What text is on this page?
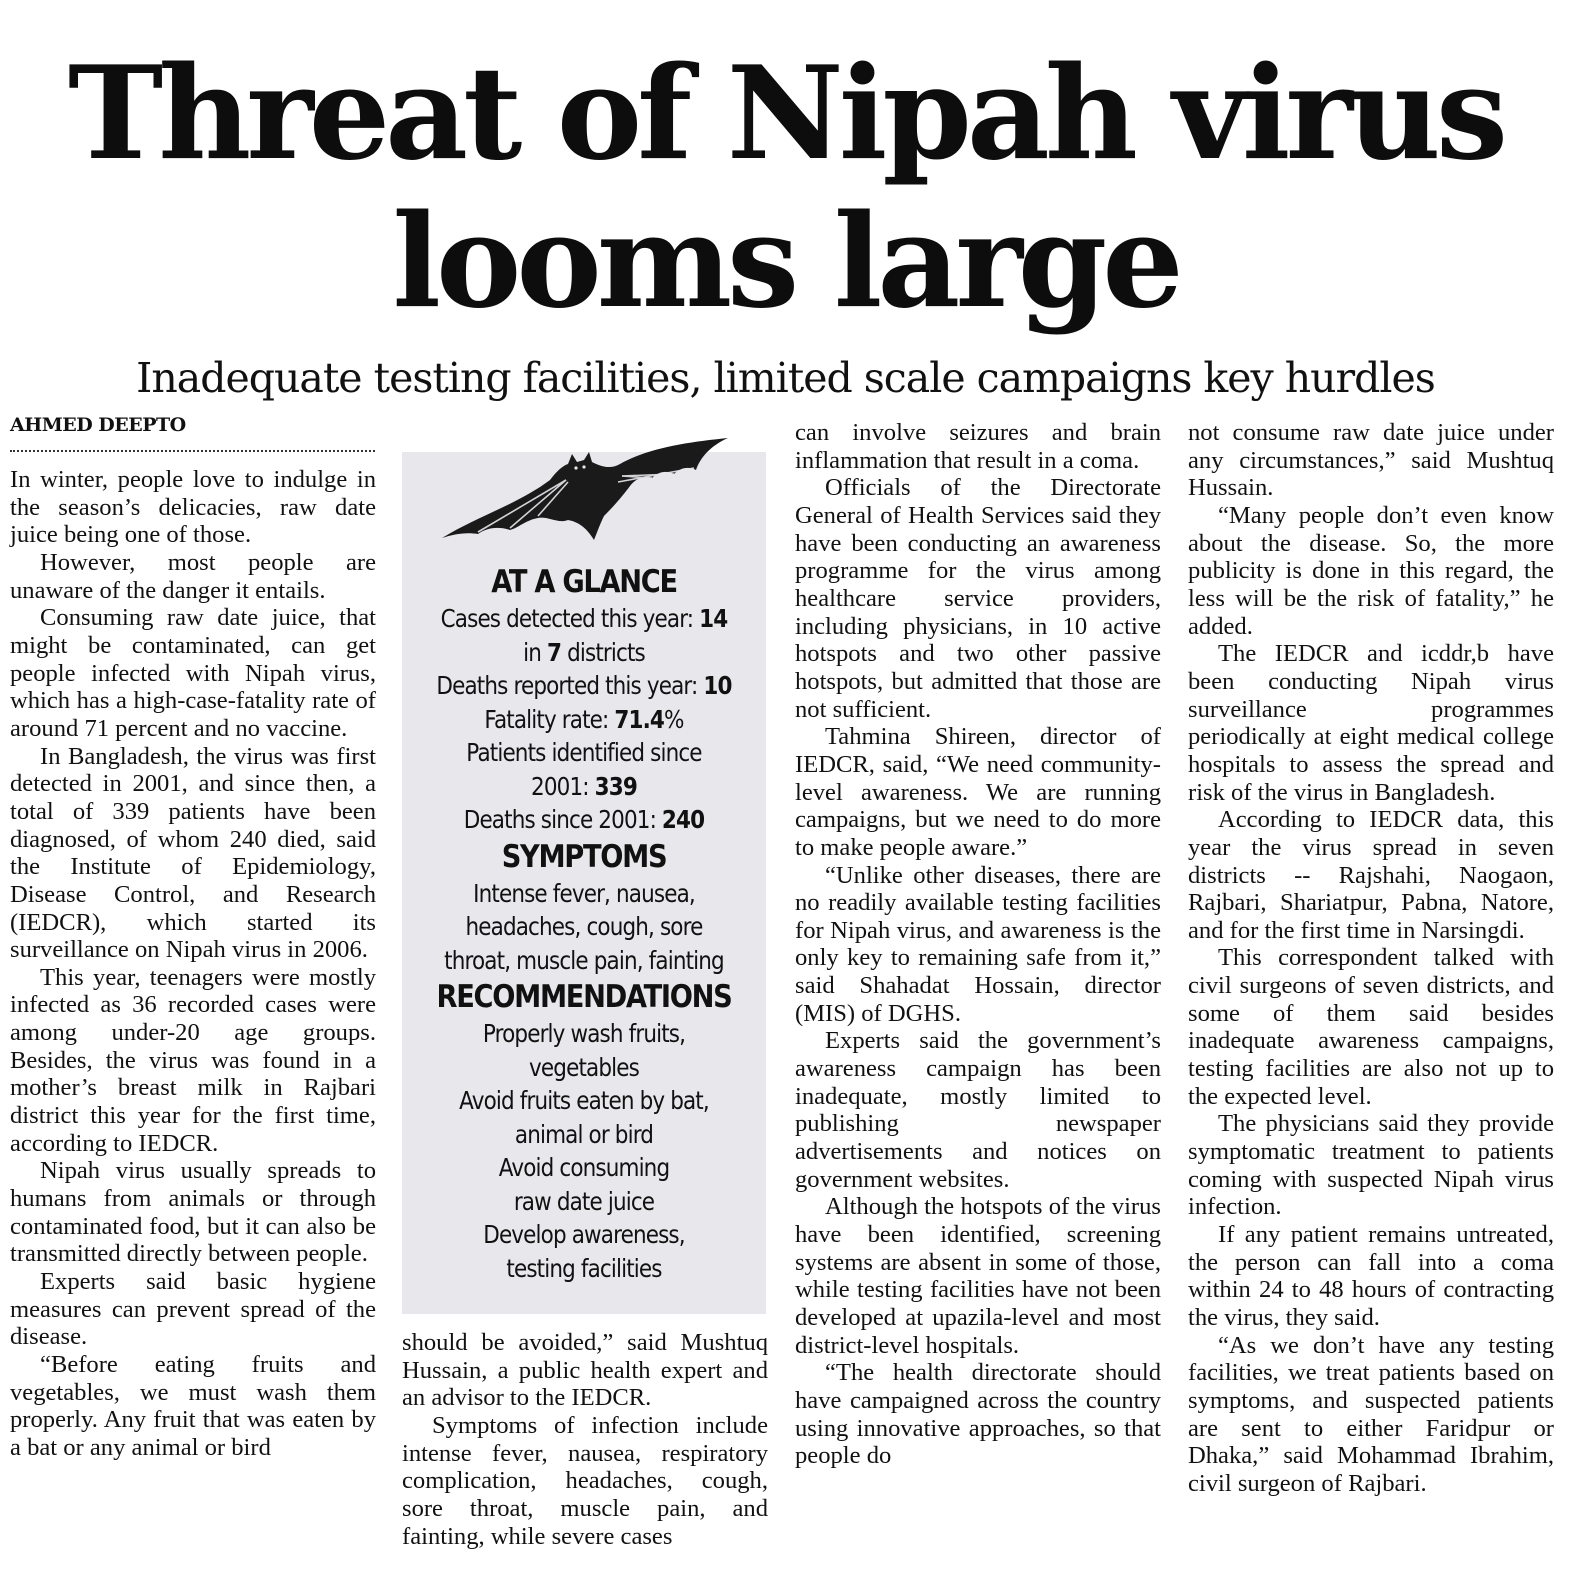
Threat of Nipah virus
looms large
Inadequate testing facilities, limited scale campaigns key hurdles
AHMED DEEPTO

In winter, people love to indulge in the season’s delicacies, raw date juice being one of those.

However, most people are unaware of the danger it entails.

Consuming raw date juice, that might be contaminated, can get people infected with Nipah virus, which has a high-case-fatality rate of around 71 percent and no vaccine.

In Bangladesh, the virus was first detected in 2001, and since then, a total of 339 patients have been diagnosed, of whom 240 died, said the Institute of Epidemiology, Disease Control, and Research (IEDCR), which started its surveillance on Nipah virus in 2006.

This year, teenagers were mostly infected as 36 recorded cases were among under-20 age groups. Besides, the virus was found in a mother’s breast milk in Rajbari district this year for the first time, according to IEDCR.

Nipah virus usually spreads to humans from animals or through contaminated food, but it can also be transmitted directly between people.

Experts said basic hygiene measures can prevent spread of the disease.

“Before eating fruits and vegetables, we must wash them properly. Any fruit that was eaten by a bat or any animal or bird

AT A GLANCE
Cases detected this year: 14
in 7 districts
Deaths reported this year: 10
Fatality rate: 71.4%
Patients identified since
2001: 339
Deaths since 2001: 240
SYMPTOMS
Intense fever, nausea,
headaches, cough, sore
throat, muscle pain, fainting
RECOMMENDATIONS
Properly wash fruits,
vegetables
Avoid fruits eaten by bat,
animal or bird
Avoid consuming
raw date juice
Develop awareness,
testing facilities

should be avoided,” said Mushtuq Hussain, a public health expert and an advisor to the IEDCR.

Symptoms of infection include intense fever, nausea, respiratory complication, headaches, cough, sore throat, muscle pain, and fainting, while severe cases

can involve seizures and brain inflammation that result in a coma.

Officials of the Directorate General of Health Services said they have been conducting an awareness programme for the virus among healthcare service providers, including physicians, in 10 active hotspots and two other passive hotspots, but admitted that those are not sufficient.

Tahmina Shireen, director of IEDCR, said, “We need community-level awareness. We are running campaigns, but we need to do more to make people aware.”

“Unlike other diseases, there are no readily available testing facilities for Nipah virus, and awareness is the only key to remaining safe from it,” said Shahadat Hossain, director (MIS) of DGHS.

Experts said the government’s awareness campaign has been inadequate, mostly limited to publishing newspaper advertisements and notices on government websites.

Although the hotspots of the virus have been identified, screening systems are absent in some of those, while testing facilities have not been developed at upazila-level and most district-level hospitals.

“The health directorate should have campaigned across the country using innovative approaches, so that people do

not consume raw date juice under any circumstances,” said Mushtuq Hussain.

“Many people don’t even know about the disease. So, the more publicity is done in this regard, the less will be the risk of fatality,” he added.

The IEDCR and icddr,b have been conducting Nipah virus surveillance programmes periodically at eight medical college hospitals to assess the spread and risk of the virus in Bangladesh.

According to IEDCR data, this year the virus spread in seven districts -- Rajshahi, Naogaon, Rajbari, Shariatpur, Pabna, Natore, and for the first time in Narsingdi.

This correspondent talked with civil surgeons of seven districts, and some of them said besides inadequate awareness campaigns, testing facilities are also not up to the expected level.

The physicians said they provide symptomatic treatment to patients coming with suspected Nipah virus infection.

If any patient remains untreated, the person can fall into a coma within 24 to 48 hours of contracting the virus, they said.

“As we don’t have any testing facilities, we treat patients based on symptoms, and suspected patients are sent to either Faridpur or Dhaka,” said Mohammad Ibrahim, civil surgeon of Rajbari.
